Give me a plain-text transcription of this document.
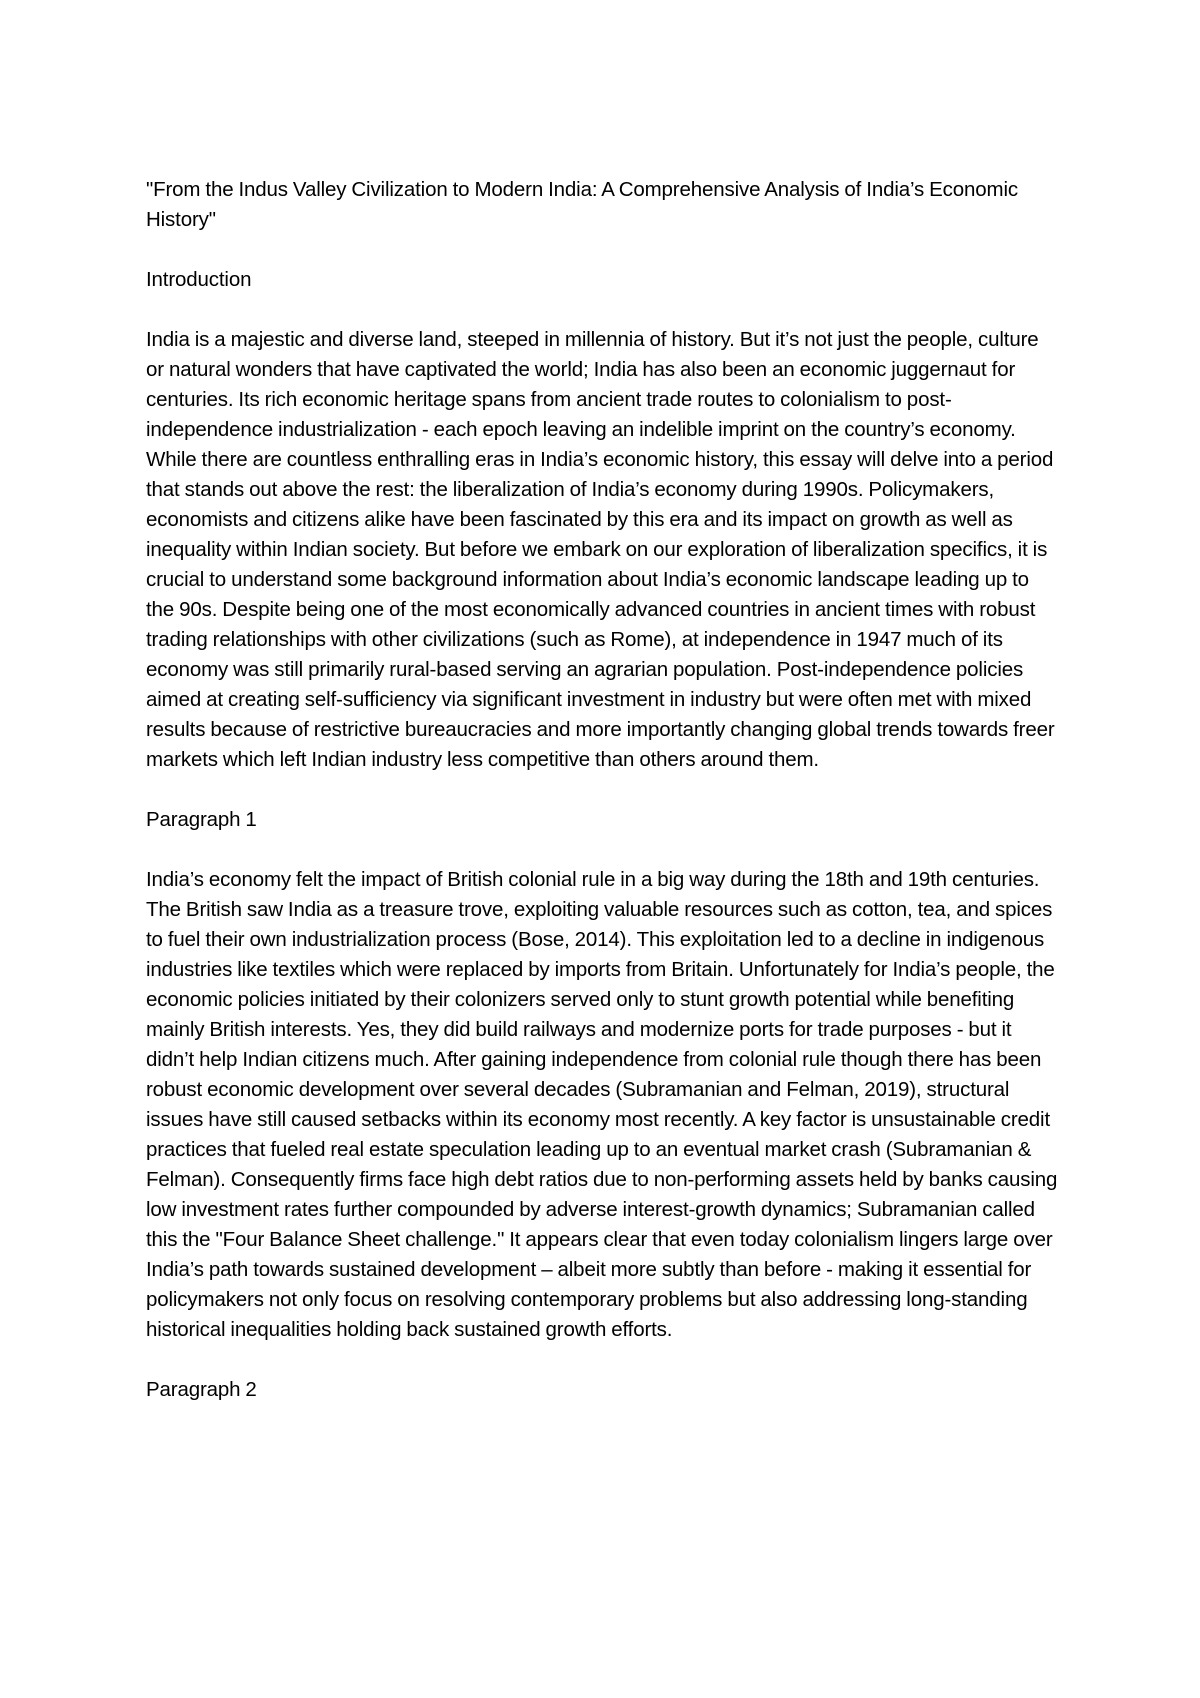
"From the Indus Valley Civilization to Modern India: A Comprehensive Analysis of India’s Economic History"

Introduction

India is a majestic and diverse land, steeped in millennia of history. But it’s not just the people, culture or natural wonders that have captivated the world; India has also been an economic juggernaut for centuries. Its rich economic heritage spans from ancient trade routes to colonialism to post-independence industrialization - each epoch leaving an indelible imprint on the country’s economy. While there are countless enthralling eras in India’s economic history, this essay will delve into a period that stands out above the rest: the liberalization of India’s economy during 1990s. Policymakers, economists and citizens alike have been fascinated by this era and its impact on growth as well as inequality within Indian society. But before we embark on our exploration of liberalization specifics, it is crucial to understand some background information about India’s economic landscape leading up to the 90s. Despite being one of the most economically advanced countries in ancient times with robust trading relationships with other civilizations (such as Rome), at independence in 1947 much of its economy was still primarily rural-based serving an agrarian population. Post-independence policies aimed at creating self-sufficiency via significant investment in industry but were often met with mixed results because of restrictive bureaucracies and more importantly changing global trends towards freer markets which left Indian industry less competitive than others around them.

Paragraph 1

India’s economy felt the impact of British colonial rule in a big way during the 18th and 19th centuries. The British saw India as a treasure trove, exploiting valuable resources such as cotton, tea, and spices to fuel their own industrialization process (Bose, 2014). This exploitation led to a decline in indigenous industries like textiles which were replaced by imports from Britain. Unfortunately for India’s people, the economic policies initiated by their colonizers served only to stunt growth potential while benefiting mainly British interests. Yes, they did build railways and modernize ports for trade purposes - but it didn’t help Indian citizens much. After gaining independence from colonial rule though there has been robust economic development over several decades (Subramanian and Felman, 2019), structural issues have still caused setbacks within its economy most recently. A key factor is unsustainable credit practices that fueled real estate speculation leading up to an eventual market crash (Subramanian & Felman). Consequently firms face high debt ratios due to non-performing assets held by banks causing low investment rates further compounded by adverse interest-growth dynamics; Subramanian called this the "Four Balance Sheet challenge." It appears clear that even today colonialism lingers large over India’s path towards sustained development – albeit more subtly than before - making it essential for policymakers not only focus on resolving contemporary problems but also addressing long-standing historical inequalities holding back sustained growth efforts.

Paragraph 2
